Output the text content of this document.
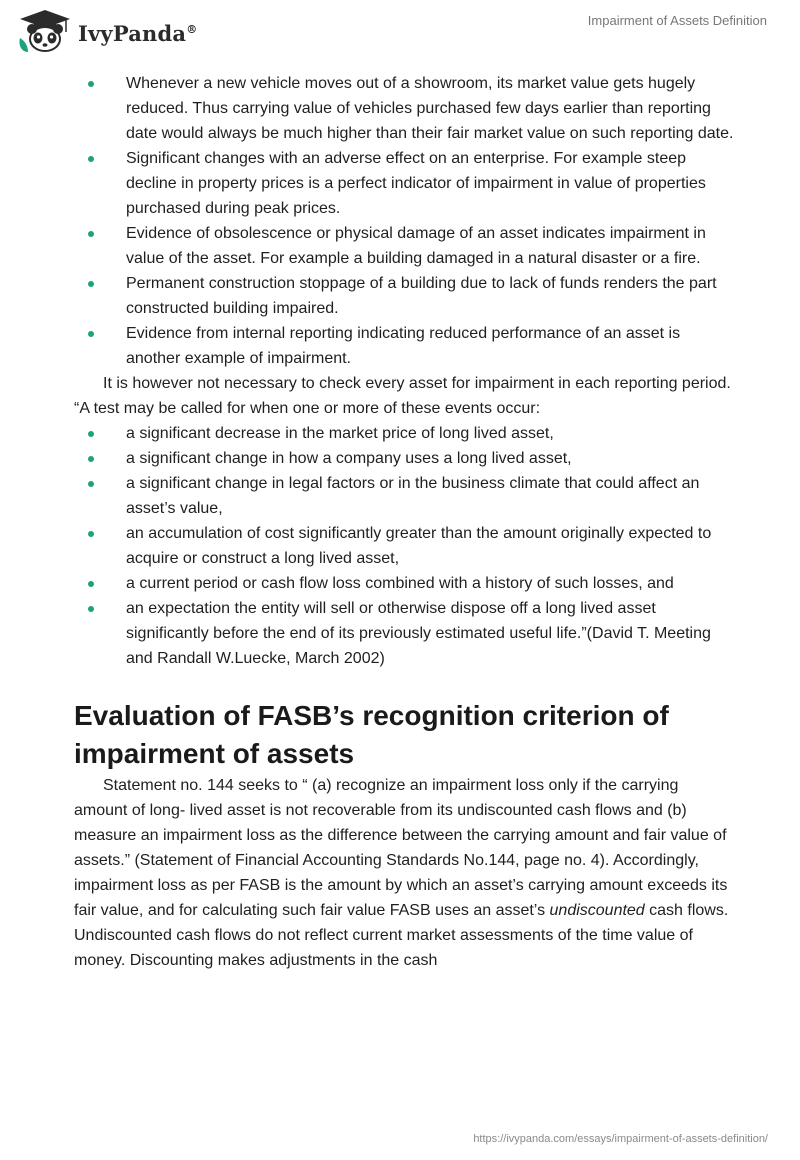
IvyPanda®
Impairment of Assets Definition
Whenever a new vehicle moves out of a showroom, its market value gets hugely reduced. Thus carrying value of vehicles purchased few days earlier than reporting date would always be much higher than their fair market value on such reporting date.
Significant changes with an adverse effect on an enterprise. For example steep decline in property prices is a perfect indicator of impairment in value of properties purchased during peak prices.
Evidence of obsolescence or physical damage of an asset indicates impairment in value of the asset. For example a building damaged in a natural disaster or a fire.
Permanent construction stoppage of a building due to lack of funds renders the part constructed building impaired.
Evidence from internal reporting indicating reduced performance of an asset is another example of impairment.

It is however not necessary to check every asset for impairment in each reporting period. “A test may be called for when one or more of these events occur:

a significant decrease in the market price of long lived asset,
a significant change in how a company uses a long lived asset,
a significant change in legal factors or in the business climate that could affect an asset’s value,
an accumulation of cost significantly greater than the amount originally expected to acquire or construct a long lived asset,
a current period or cash flow loss combined with a history of such losses, and
an expectation the entity will sell or otherwise dispose off a long lived asset significantly before the end of its previously estimated useful life.”(David T. Meeting and Randall W.Luecke, March 2002)
Evaluation of FASB’s recognition criterion of impairment of assets

Statement no. 144 seeks to “ (a) recognize an impairment loss only if the carrying amount of long- lived asset is not recoverable from its undiscounted cash flows and (b) measure an impairment loss as the difference between the carrying amount and fair value of assets.” (Statement of Financial Accounting Standards No.144, page no. 4). Accordingly, impairment loss as per FASB is the amount by which an asset’s carrying amount exceeds its fair value, and for calculating such fair value FASB uses an asset’s undiscounted cash flows. Undiscounted cash flows do not reflect current market assessments of the time value of money. Discounting makes adjustments in the cash

https://ivypanda.com/essays/impairment-of-assets-definition/
